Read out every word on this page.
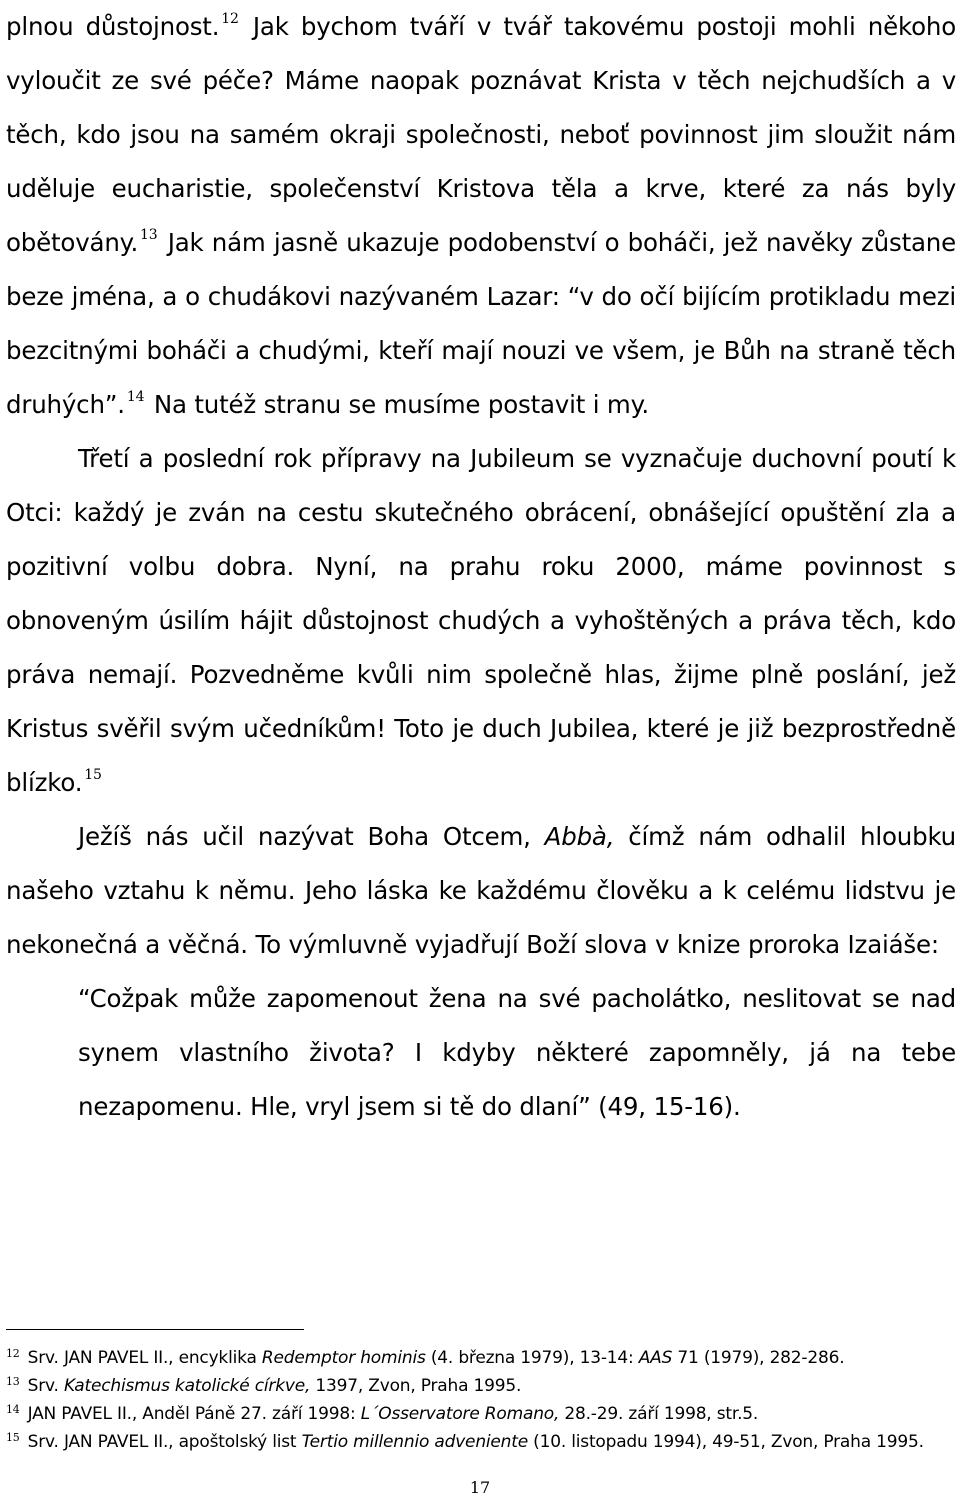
plnou důstojnost. $^{12}$ Jak bychom tváří v tvář takovému postoji mohli někoho vyloučit ze své péče? Máme naopak poznávat Krista v těch nejchudších a v těch, kdo jsou na samém okraji společnosti, neboť povinnost jim sloužit nám uděluje eucharistie, společenství Kristova těla a krve, které za nás byly obětovány. $^{13}$ Jak nám jasně ukazuje podobenství o boháči, jež navěky zůstane beze jména, a o chudákovi nazývaném Lazar: “v do očí bijícím protikladu mezi bezcitnými boháči a chudými, kteří mají nouzi ve všem, je Bůh na straně těch druhých”. $^{14}$ Na tutéž stranu se musíme postavit i my.

Třetí a poslední rok přípravy na Jubileum se vyznačuje duchovní poutí k Otci: každý je zván na cestu skutečného obrácení, obnášející opuštění zla a pozitivní volbu dobra. Nyní, na prahu roku 2000, máme povinnost s obnoveným úsilím hájit důstojnost chudých a vyhoštěných a práva těch, kdo práva nemají. Pozvedněme kvůli nim společně hlas, žijme plně poslání, jež Kristus svěřil svým učedníkům! Toto je duch Jubilea, které je již bezprostředně blízko. $^{15}$

Ježíš nás učil nazývat Boha Otcem, Abbà, čímž nám odhalil hloubku našeho vztahu k němu. Jeho láska ke každému člověku a k celému lidstvu je nekonečná a věčná. To výmluvně vyjadřují Boží slova v knize proroka Izaiáše:

“Cožpak může zapomenout žena na své pacholátko, neslitovat se nad synem vlastního života? I kdyby některé zapomněly, já na tebe nezapomenu. Hle, vryl jsem si tě do dlaní” (49, 15-16).

$^{12}$ Srv. JAN PAVEL II., encyklika Redemptor hominis (4. března 1979), 13-14: AAS 71 (1979), 282-286.

$^{13}$ Srv. Katechismus katolické církve, 1397, Zvon, Praha 1995.

$^{14}$ JAN PAVEL II., Anděl Páně 27. září 1998: L´Osservatore Romano, 28.-29. září 1998, str.5.

$^{15}$ Srv. JAN PAVEL II., apoštolský list Tertio millennio adveniente (10. listopadu 1994), 49-51, Zvon, Praha 1995.

17
